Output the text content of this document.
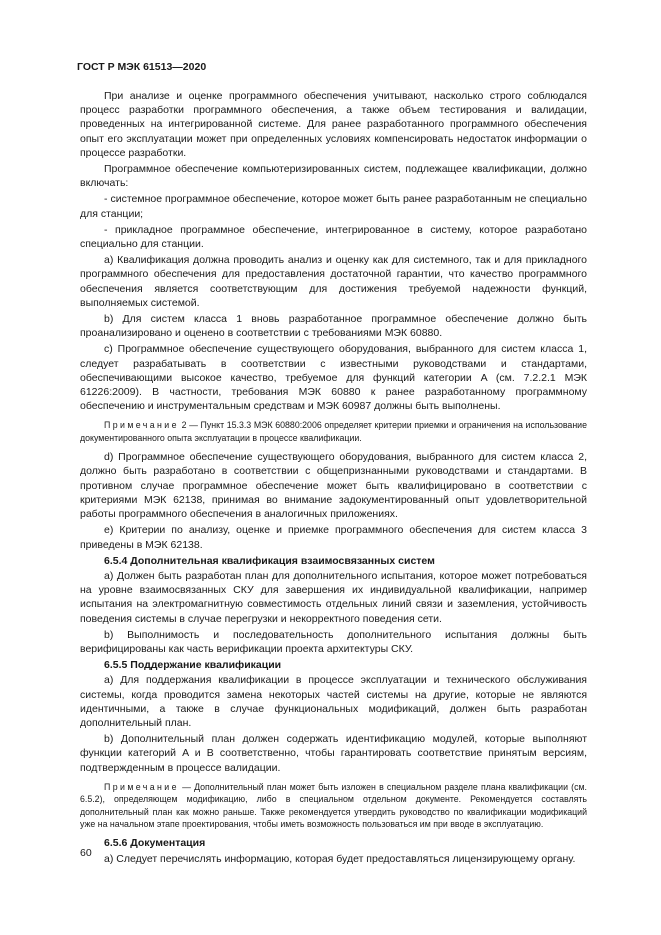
ГОСТ Р МЭК 61513—2020

При анализе и оценке программного обеспечения учитывают, насколько строго соблюдался процесс разработки программного обеспечения, а также объем тестирования и валидации, проведенных на интегрированной системе. Для ранее разработанного программного обеспечения опыт его эксплуатации может при определенных условиях компенсировать недостаток информации о процессе разработки.

Программное обеспечение компьютеризированных систем, подлежащее квалификации, должно включать:

- системное программное обеспечение, которое может быть ранее разработанным не специально для станции;

- прикладное программное обеспечение, интегрированное в систему, которое разработано специально для станции.

a) Квалификация должна проводить анализ и оценку как для системного, так и для прикладного программного обеспечения для предоставления достаточной гарантии, что качество программного обеспечения является соответствующим для достижения требуемой надежности функций, выполняемых системой.

b) Для систем класса 1 вновь разработанное программное обеспечение должно быть проанализировано и оценено в соответствии с требованиями МЭК 60880.

c) Программное обеспечение существующего оборудования, выбранного для систем класса 1, следует разрабатывать в соответствии с известными руководствами и стандартами, обеспечивающими высокое качество, требуемое для функций категории A (см. 7.2.2.1 МЭК 61226:2009). В частности, требования МЭК 60880 к ранее разработанному программному обеспечению и инструментальным средствам и МЭК 60987 должны быть выполнены.

Примечание 2 — Пункт 15.3.3 МЭК 60880:2006 определяет критерии приемки и ограничения на использование документированного опыта эксплуатации в процессе квалификации.

d) Программное обеспечение существующего оборудования, выбранного для систем класса 2, должно быть разработано в соответствии с общепризнанными руководствами и стандартами. В противном случае программное обеспечение может быть квалифицировано в соответствии с критериями МЭК 62138, принимая во внимание задокументированный опыт удовлетворительной работы программного обеспечения в аналогичных приложениях.

e) Критерии по анализу, оценке и приемке программного обеспечения для систем класса 3 приведены в МЭК 62138.

6.5.4 Дополнительная квалификация взаимосвязанных систем

a) Должен быть разработан план для дополнительного испытания, которое может потребоваться на уровне взаимосвязанных СКУ для завершения их индивидуальной квалификации, например испытания на электромагнитную совместимость отдельных линий связи и заземления, устойчивость поведения системы в случае перегрузки и некорректного поведения сети.

b) Выполнимость и последовательность дополнительного испытания должны быть верифицированы как часть верификации проекта архитектуры СКУ.

6.5.5 Поддержание квалификации

a) Для поддержания квалификации в процессе эксплуатации и технического обслуживания системы, когда проводится замена некоторых частей системы на другие, которые не являются идентичными, а также в случае функциональных модификаций, должен быть разработан дополнительный план.

b) Дополнительный план должен содержать идентификацию модулей, которые выполняют функции категорий A и B соответственно, чтобы гарантировать соответствие принятым версиям, подтвержденным в процессе валидации.

Примечание — Дополнительный план может быть изложен в специальном разделе плана квалификации (см. 6.5.2), определяющем модификацию, либо в специальном отдельном документе. Рекомендуется составлять дополнительный план как можно раньше. Также рекомендуется утвердить руководство по квалификации модификаций уже на начальном этапе проектирования, чтобы иметь возможность пользоваться им при вводе в эксплуатацию.

6.5.6 Документация

a) Следует перечислять информацию, которая будет предоставляться лицензирующему органу.

60
